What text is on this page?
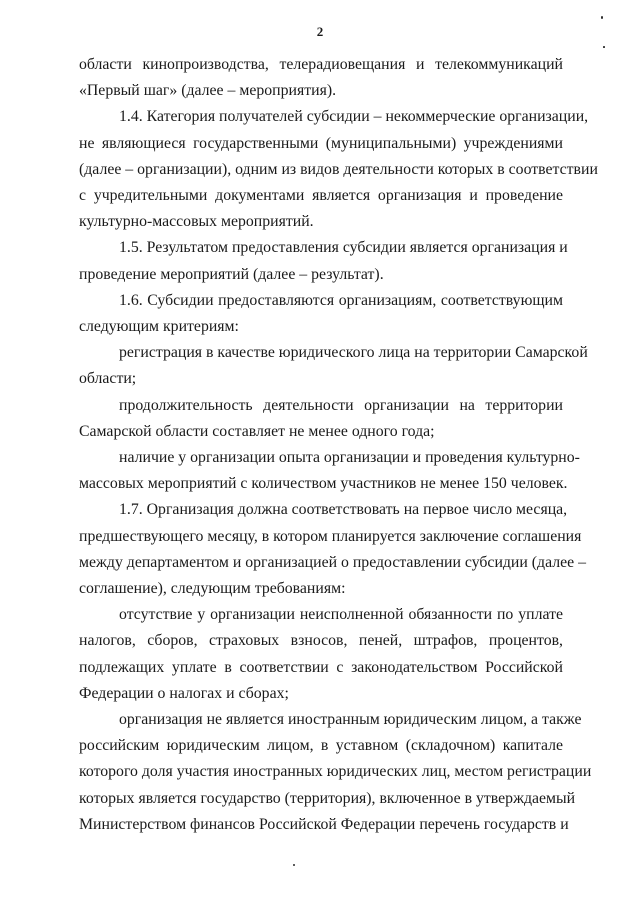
2

области кинопроизводства, телерадиовещания и телекоммуникаций

«Первый шаг» (далее – мероприятия).

1.4. Категория получателей субсидии – некоммерческие организации,

не являющиеся государственными (муниципальными) учреждениями

(далее – организации), одним из видов деятельности которых в соответствии

с учредительными документами является организация и проведение

культурно-массовых мероприятий.

1.5. Результатом предоставления субсидии является организация и

проведение мероприятий (далее – результат).

1.6. Субсидии предоставляются организациям, соответствующим

следующим критериям:

регистрация в качестве юридического лица на территории Самарской

области;

продолжительность деятельности организации на территории

Самарской области составляет не менее одного года;

наличие у организации опыта организации и проведения культурно-

массовых мероприятий с количеством участников не менее 150 человек.

1.7. Организация должна соответствовать на первое число месяца,

предшествующего месяцу, в котором планируется заключение соглашения

между департаментом и организацией о предоставлении субсидии (далее –

соглашение), следующим требованиям:

отсутствие у организации неисполненной обязанности по уплате

налогов, сборов, страховых взносов, пеней, штрафов, процентов,

подлежащих уплате в соответствии с законодательством Российской

Федерации о налогах и сборах;

организация не является иностранным юридическим лицом, а также

российским юридическим лицом, в уставном (складочном) капитале

которого доля участия иностранных юридических лиц, местом регистрации

которых является государство (территория), включенное в утверждаемый

Министерством финансов Российской Федерации перечень государств и
